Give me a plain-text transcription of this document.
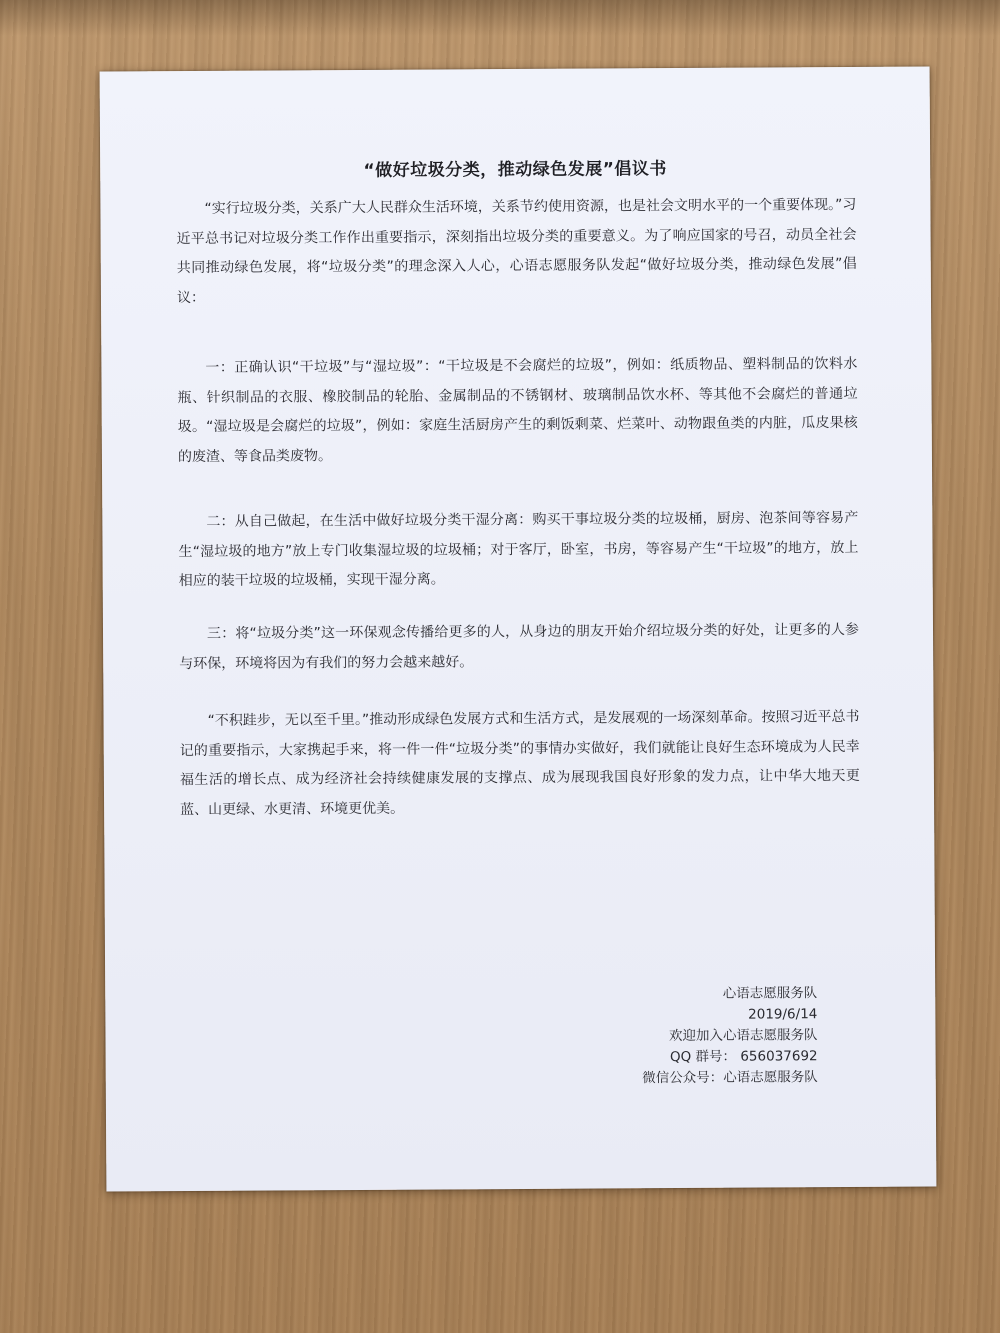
“做好垃圾分类，推动绿色发展”倡议书

“实行垃圾分类，关系广大人民群众生活环境，关系节约使用资源，也是社会文明水平的一个重要体现。”习近平总书记对垃圾分类工作作出重要指示，深刻指出垃圾分类的重要意义。为了响应国家的号召，动员全社会共同推动绿色发展，将“垃圾分类”的理念深入人心，心语志愿服务队发起“做好垃圾分类，推动绿色发展”倡议：

一：正确认识“干垃圾”与“湿垃圾”：“干垃圾是不会腐烂的垃圾”，例如：纸质物品、塑料制品的饮料水瓶、针织制品的衣服、橡胶制品的轮胎、金属制品的不锈钢材、玻璃制品饮水杯、等其他不会腐烂的普通垃圾。“湿垃圾是会腐烂的垃圾”，例如：家庭生活厨房产生的剩饭剩菜、烂菜叶、动物跟鱼类的内脏，瓜皮果核的废渣、等食品类废物。

二：从自己做起，在生活中做好垃圾分类干湿分离：购买干事垃圾分类的垃圾桶，厨房、泡茶间等容易产生“湿垃圾的地方”放上专门收集湿垃圾的垃圾桶；对于客厅，卧室，书房，等容易产生“干垃圾”的地方，放上相应的装干垃圾的垃圾桶，实现干湿分离。

三：将“垃圾分类”这一环保观念传播给更多的人，从身边的朋友开始介绍垃圾分类的好处，让更多的人参与环保，环境将因为有我们的努力会越来越好。

“不积跬步，无以至千里。”推动形成绿色发展方式和生活方式，是发展观的一场深刻革命。按照习近平总书记的重要指示，大家携起手来，将一件一件“垃圾分类”的事情办实做好，我们就能让良好生态环境成为人民幸福生活的增长点、成为经济社会持续健康发展的支撑点、成为展现我国良好形象的发力点，让中华大地天更蓝、山更绿、水更清、环境更优美。

心语志愿服务队
2019/6/14
欢迎加入心语志愿服务队
QQ 群号： 656037692
微信公众号：心语志愿服务队
